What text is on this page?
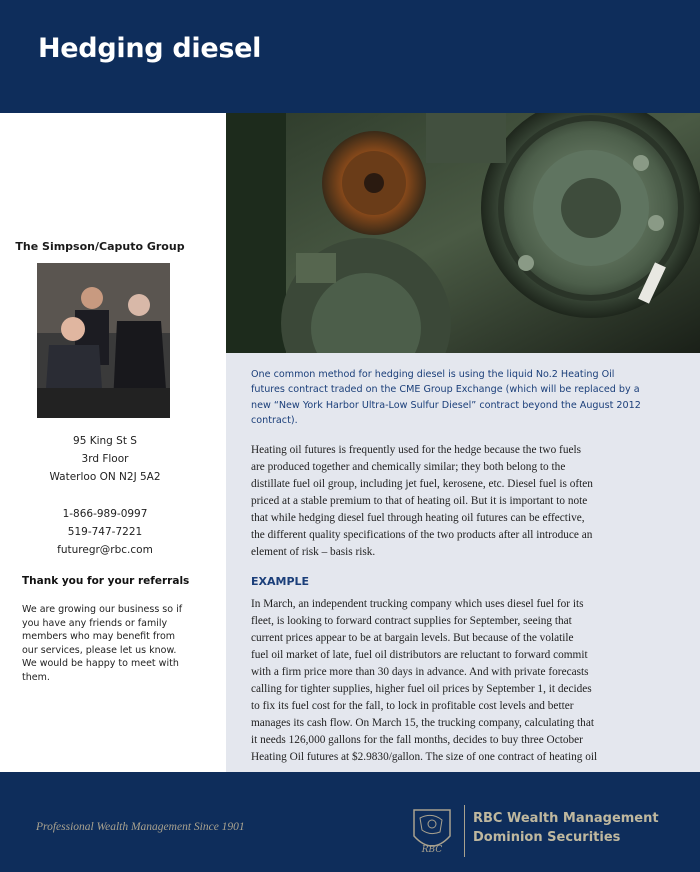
Hedging diesel
The Simpson/Caputo Group
95 King St S
3rd Floor
Waterloo ON N2J 5A2
1-866-989-0997
519-747-7221
futuregr@rbc.com
Thank you for your referrals
We are growing our business so if
you have any friends or family
members who may benefit from
our services, please let us know.
We would be happy to meet with
them.
One common method for hedging diesel is using the liquid No.2 Heating Oil
futures contract traded on the CME Group Exchange (which will be replaced by a
new “New York Harbor Ultra-Low Sulfur Diesel” contract beyond the August 2012
contract).
Heating oil futures is frequently used for the hedge because the two fuels
are produced together and chemically similar; they both belong to the
distillate fuel oil group, including jet fuel, kerosene, etc. Diesel fuel is often
priced at a stable premium to that of heating oil. But it is important to note
that while hedging diesel fuel through heating oil futures can be effective,
the different quality specifications of the two products after all introduce an
element of risk – basis risk.
EXAMPLE
In March, an independent trucking company which uses diesel fuel for its
fleet, is looking to forward contract supplies for September, seeing that
current prices appear to be at bargain levels. But because of the volatile
fuel oil market of late, fuel oil distributors are reluctant to forward commit
with a firm price more than 30 days in advance. And with private forecasts
calling for tighter supplies, higher fuel oil prices by September 1, it decides
to fix its fuel cost for the fall, to lock in profitable cost levels and better
manages its cash flow. On March 15, the trucking company, calculating that
it needs 126,000 gallons for the fall months, decides to buy three October
Heating Oil futures at $2.9830/gallon. The size of one contract of heating oil
Professional Wealth Management Since 1901
RBC
RBC Wealth Management
Dominion Securities
